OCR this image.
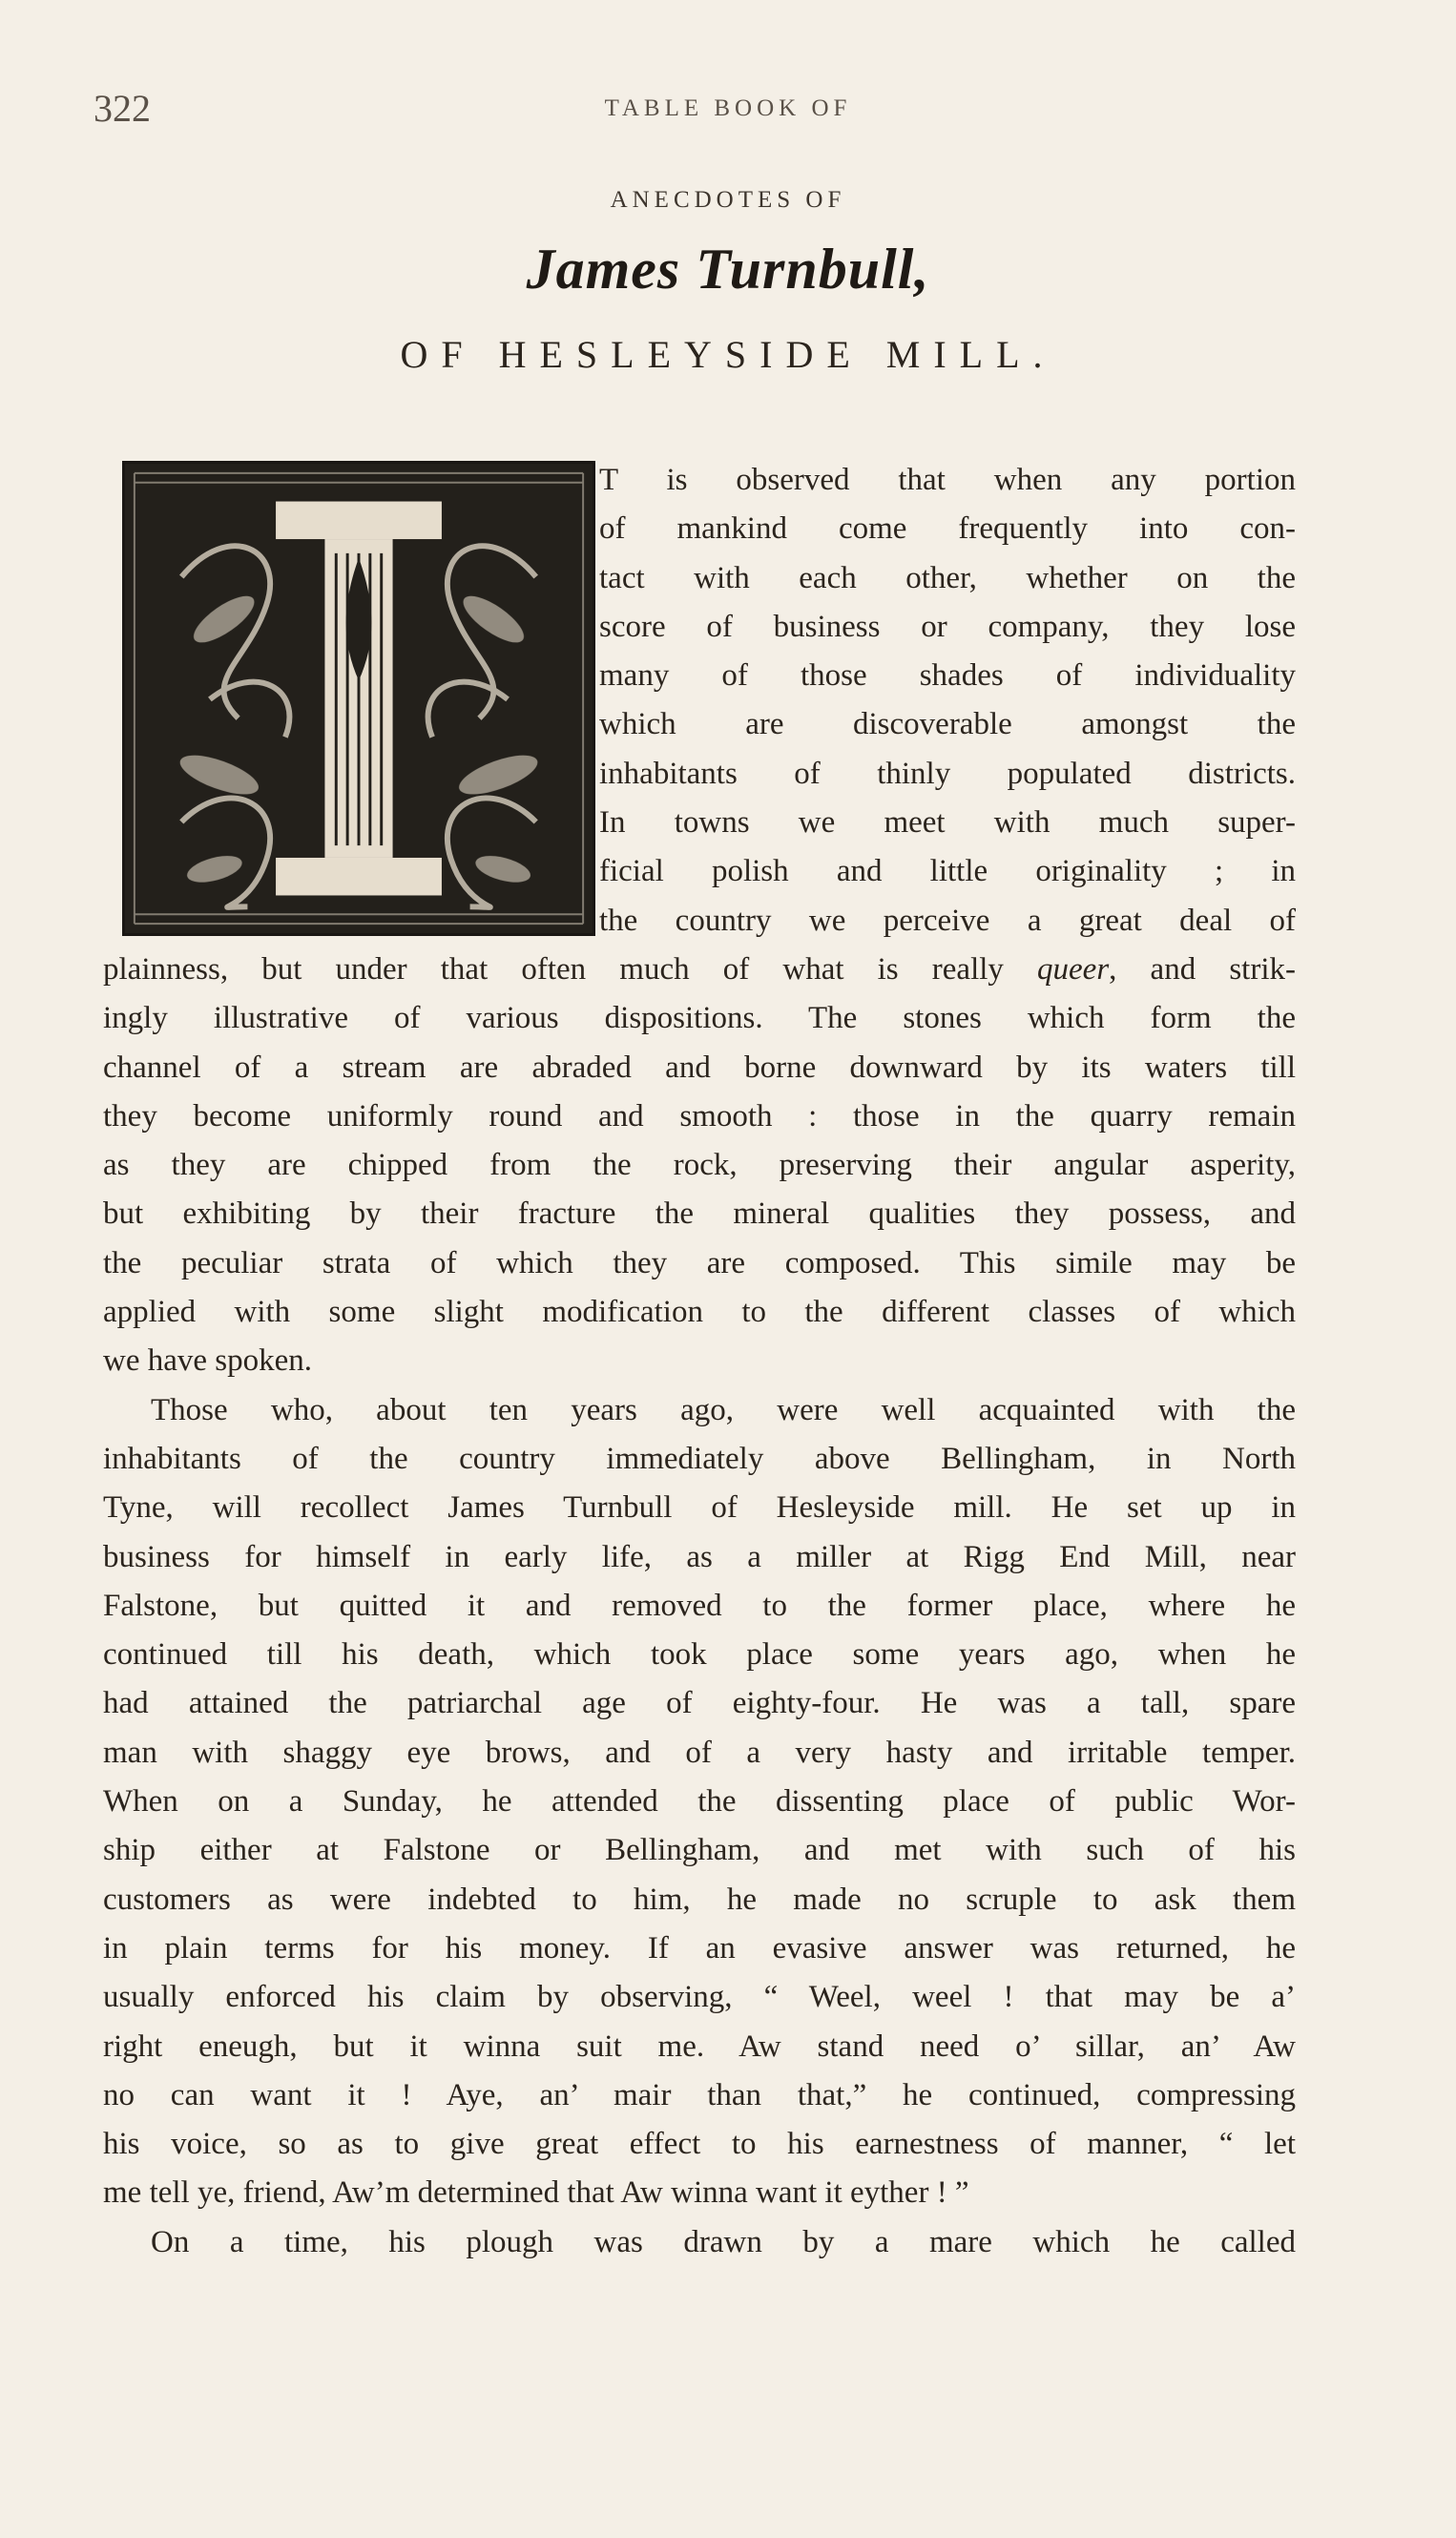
322	TABLE BOOK OF
ANECDOTES OF
James Turnbull,
OF HESLEYSIDE MILL.
T is observed that when any portion
of mankind come frequently into con-
tact with each other, whether on the
score of business or company, they lose
many of those shades of individuality
which are discoverable amongst the
inhabitants of thinly populated districts.
In towns we meet with much super-
ficial polish and little originality ; in
the country we perceive a great deal of
plainness, but under that often much of what is really queer, and strik-
ingly illustrative of various dispositions. The stones which form the
channel of a stream are abraded and borne downward by its waters till
they become uniformly round and smooth : those in the quarry remain
as they are chipped from the rock, preserving their angular asperity,
but exhibiting by their fracture the mineral qualities they possess, and
the peculiar strata of which they are composed. This simile may be
applied with some slight modification to the different classes of which
we have spoken.
Those who, about ten years ago, were well acquainted with the
inhabitants of the country immediately above Bellingham, in North
Tyne, will recollect James Turnbull of Hesleyside mill. He set up in
business for himself in early life, as a miller at Rigg End Mill, near
Falstone, but quitted it and removed to the former place, where he
continued till his death, which took place some years ago, when he
had attained the patriarchal age of eighty-four. He was a tall, spare
man with shaggy eye brows, and of a very hasty and irritable temper.
When on a Sunday, he attended the dissenting place of public Wor-
ship either at Falstone or Bellingham, and met with such of his
customers as were indebted to him, he made no scruple to ask them
in plain terms for his money. If an evasive answer was returned, he
usually enforced his claim by observing, “ Weel, weel ! that may be a’
right eneugh, but it winna suit me. Aw stand need o’ sillar, an’ Aw
no can want it ! Aye, an’ mair than that,” he continued, compressing
his voice, so as to give great effect to his earnestness of manner, “ let
me tell ye, friend, Aw’m determined that Aw winna want it eyther ! ”
On a time, his plough was drawn by a mare which he called
